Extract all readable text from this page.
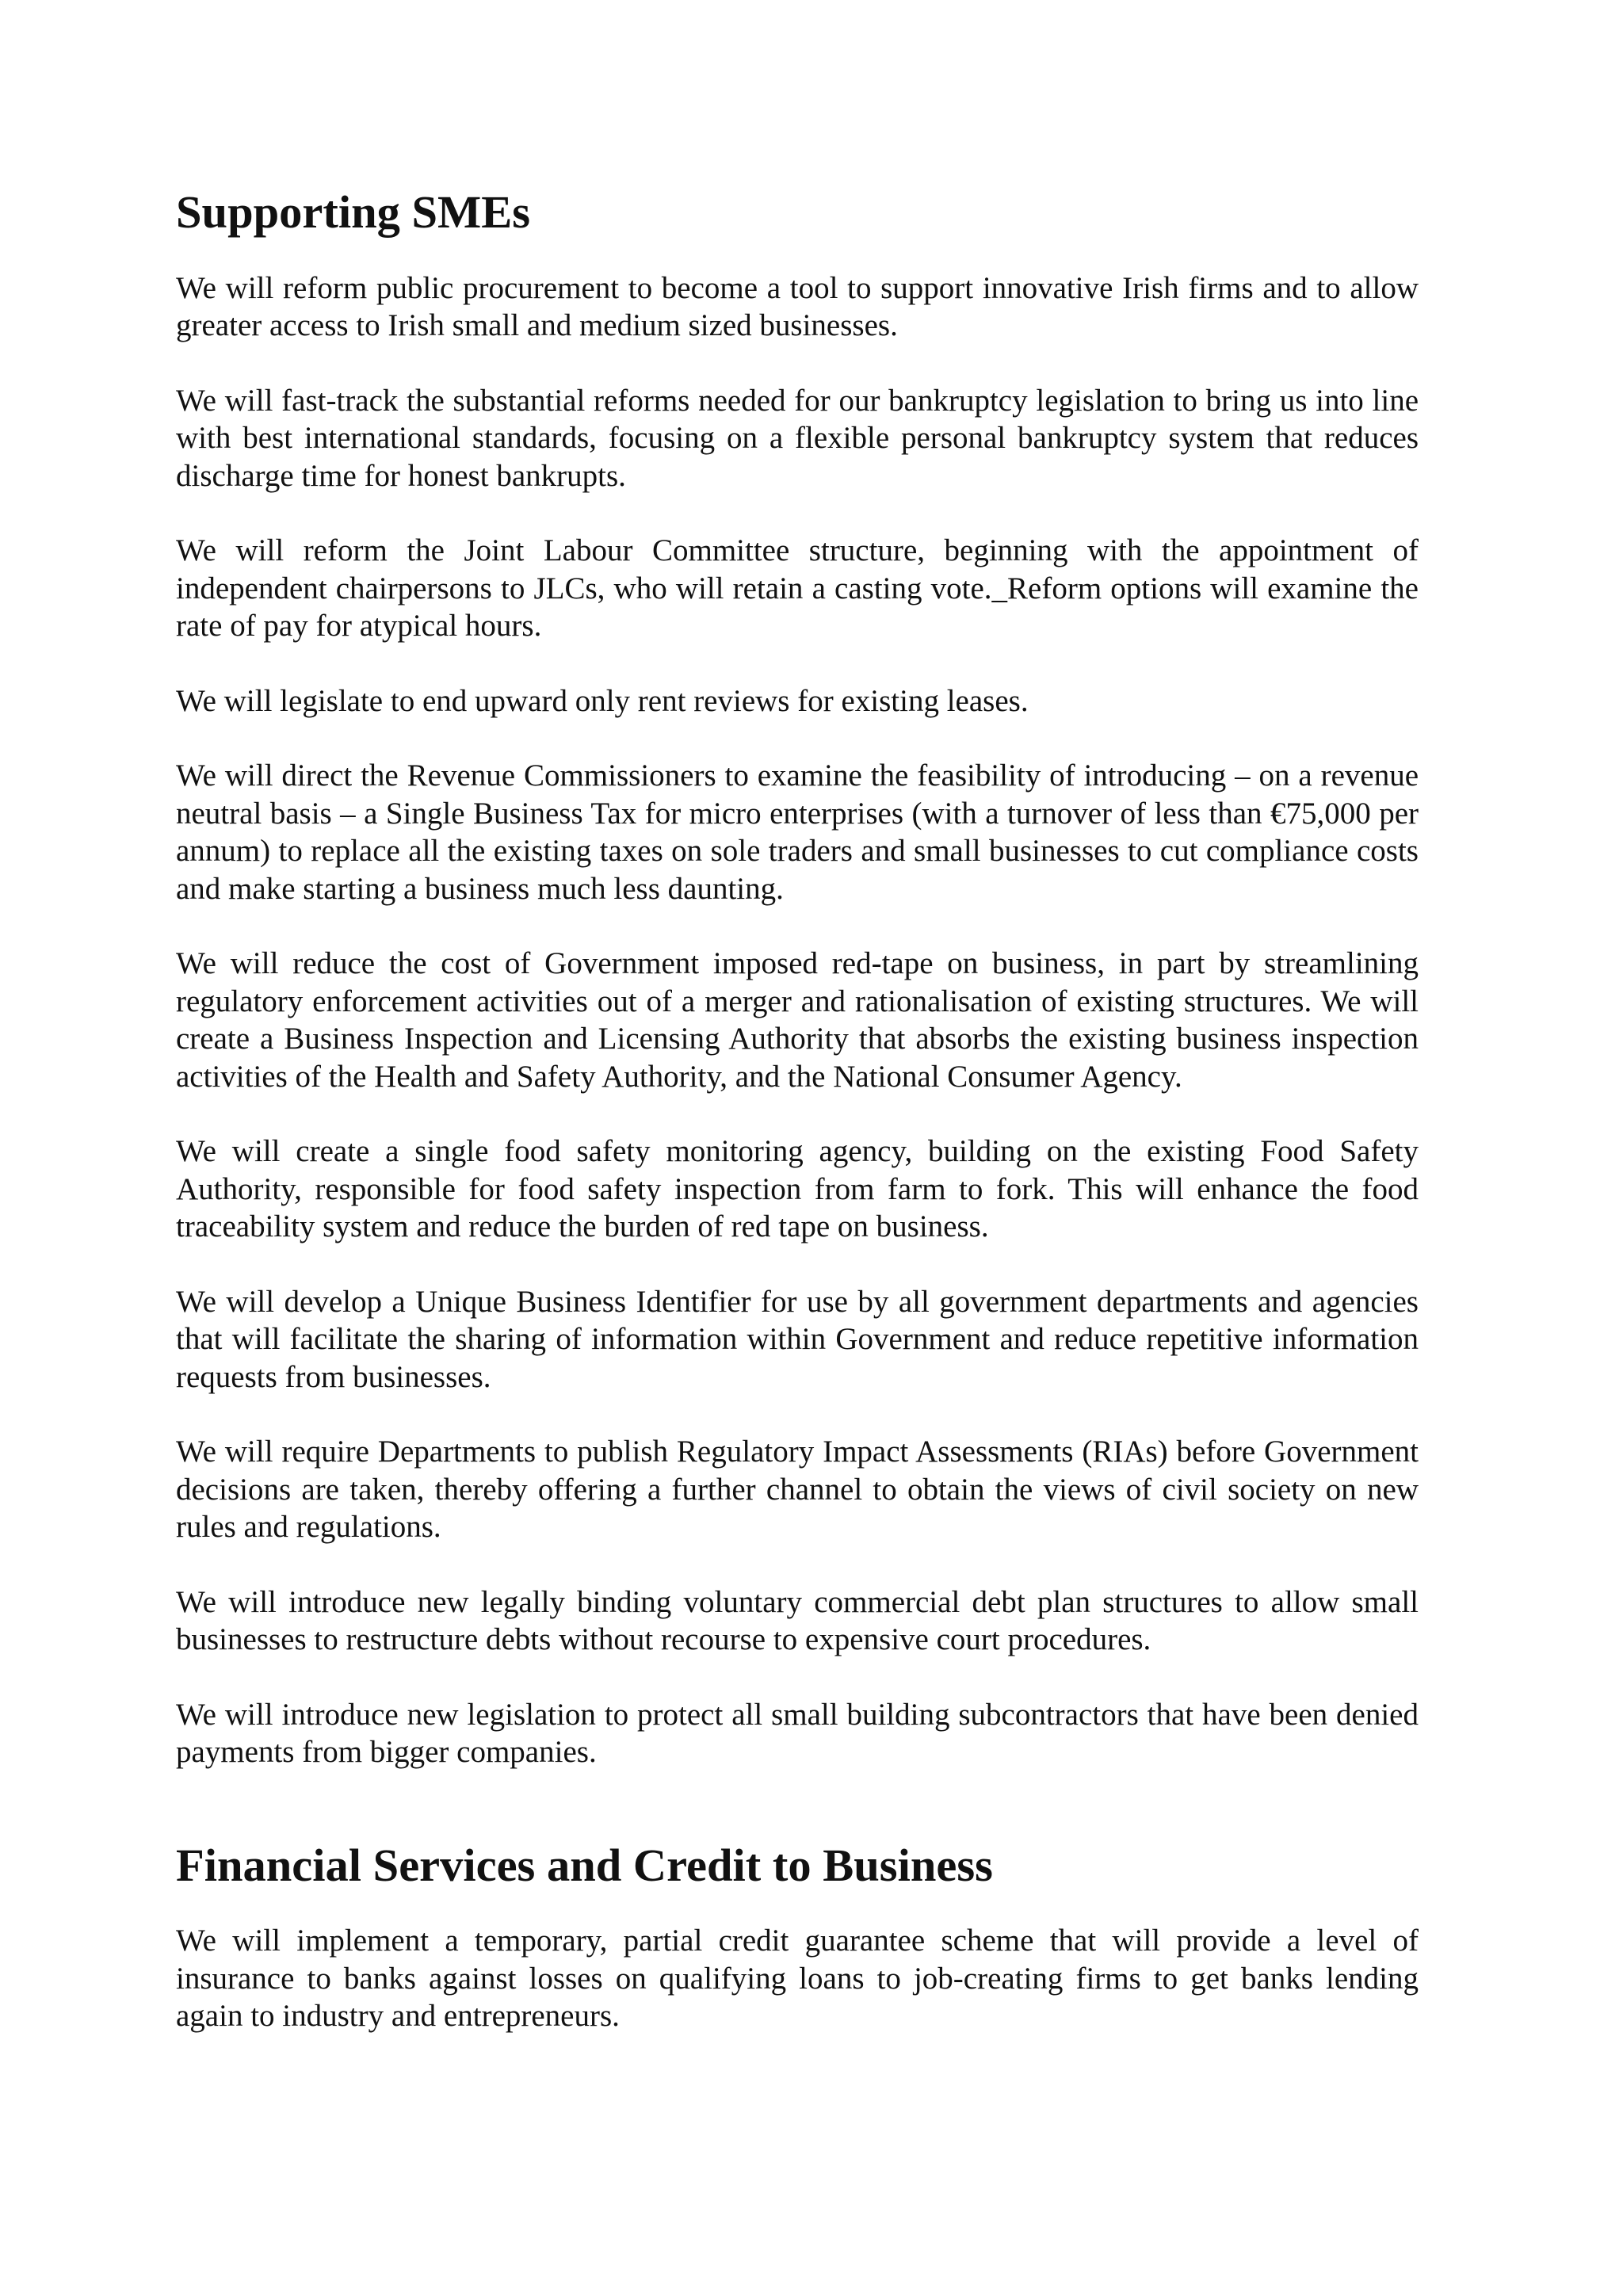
Supporting SMEs

We will reform public procurement to become a tool to support innovative Irish firms and to allow greater access to Irish small and medium sized businesses.

We will fast-track the substantial reforms needed for our bankruptcy legislation to bring us into line with best international standards, focusing on a flexible personal bankruptcy system that reduces discharge time for honest bankrupts.

We will reform the Joint Labour Committee structure, beginning with the appointment of independent chairpersons to JLCs, who will retain a casting vote._Reform options will examine the rate of pay for atypical hours.

We will legislate to end upward only rent reviews for existing leases.

We will direct the Revenue Commissioners to examine the feasibility of introducing – on a revenue neutral basis – a Single Business Tax for micro enterprises (with a turnover of less than €75,000 per annum) to replace all the existing taxes on sole traders and small businesses to cut compliance costs and make starting a business much less daunting.

We will reduce the cost of Government imposed red-tape on business, in part by streamlining regulatory enforcement activities out of a merger and rationalisation of existing structures. We will create a Business Inspection and Licensing Authority that absorbs the existing business inspection activities of the Health and Safety Authority, and the National Consumer Agency.

We will create a single food safety monitoring agency, building on the existing Food Safety Authority, responsible for food safety inspection from farm to fork. This will enhance the food traceability system and reduce the burden of red tape on business.

We will develop a Unique Business Identifier for use by all government departments and agencies that will facilitate the sharing of information within Government and reduce repetitive information requests from businesses.

We will require Departments to publish Regulatory Impact Assessments (RIAs) before Government decisions are taken, thereby offering a further channel to obtain the views of civil society on new rules and regulations.

We will introduce new legally binding voluntary commercial debt plan structures to allow small businesses to restructure debts without recourse to expensive court procedures.

We will introduce new legislation to protect all small building subcontractors that have been denied payments from bigger companies.

Financial Services and Credit to Business

We will implement a temporary, partial credit guarantee scheme that will provide a level of insurance to banks against losses on qualifying loans to job-creating firms to get banks lending again to industry and entrepreneurs.
